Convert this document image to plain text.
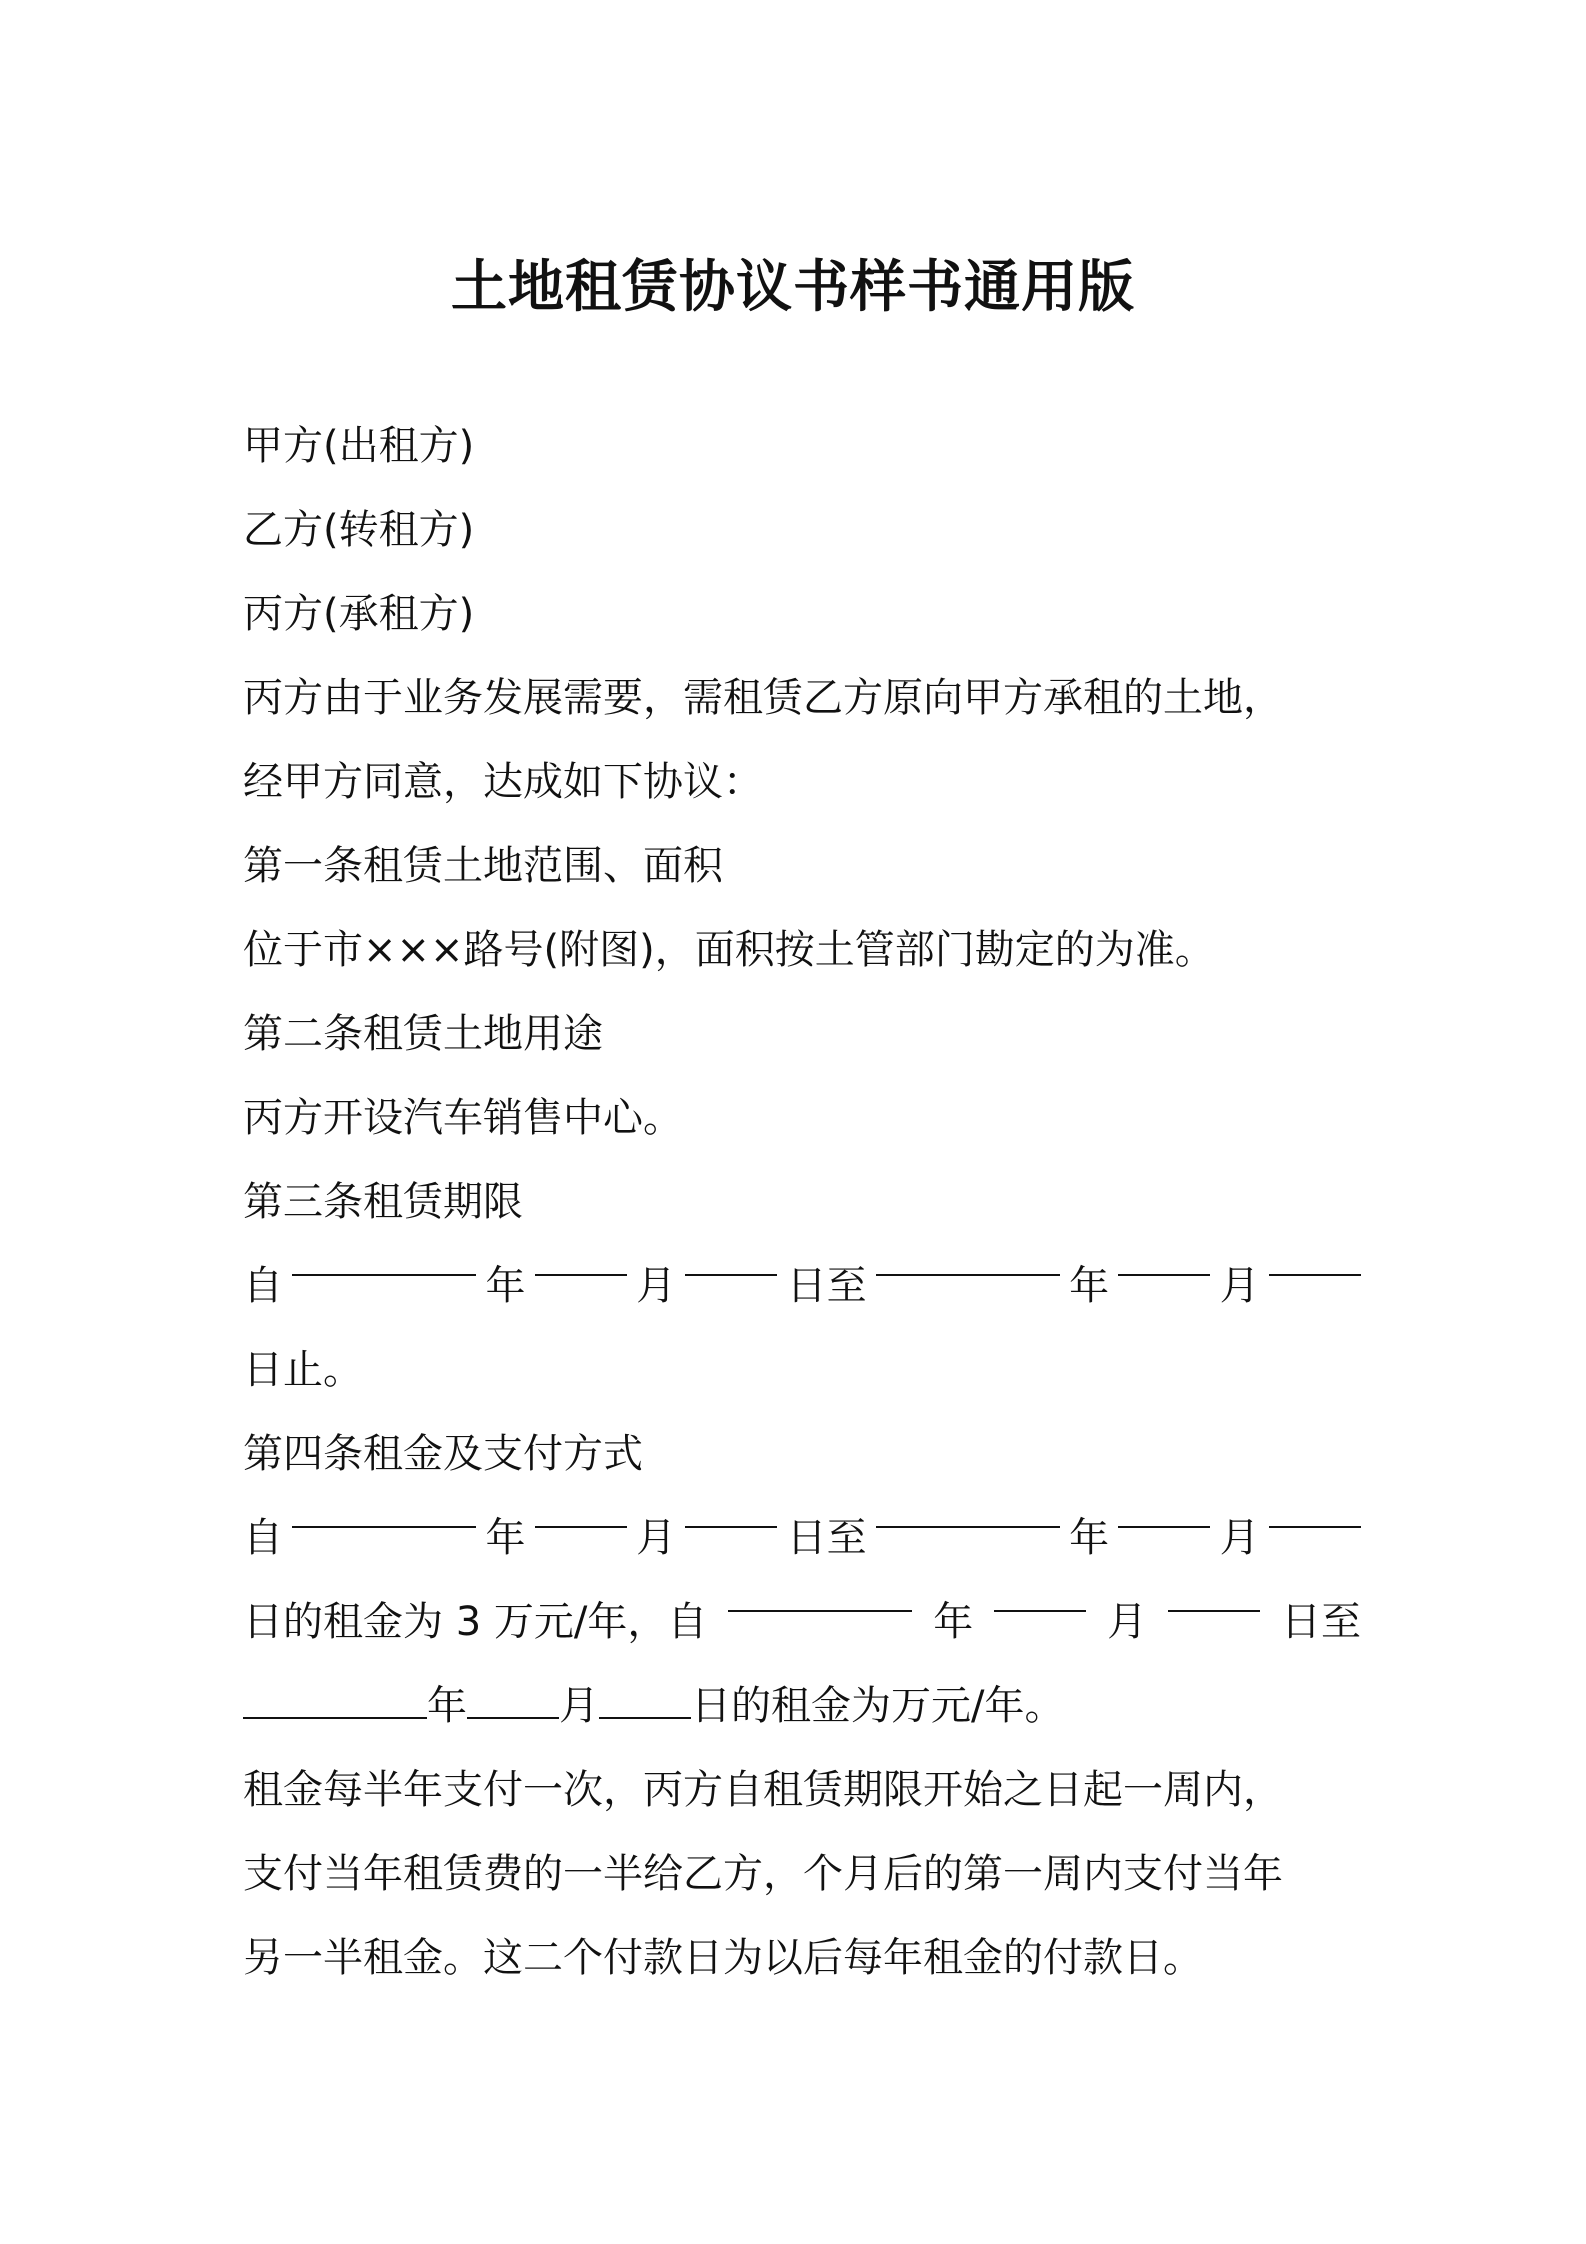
土地租赁协议书样书通用版
甲方(出租方)
乙方(转租方)
丙方(承租方)
丙方由于业务发展需要，需租赁乙方原向甲方承租的土地，
经甲方同意，达成如下协议：
第一条租赁土地范围、面积
位于市×××路号(附图)，面积按土管部门勘定的为准。
第二条租赁土地用途
丙方开设汽车销售中心。
第三条租赁期限
自	年	月	日至	年	月
日止。
第四条租金及支付方式
自	年	月	日至	年	月
日的租金为 3 万元/年，自	年	月	日至
年 月 日的租金为万元/年。
租金每半年支付一次，丙方自租赁期限开始之日起一周内，
支付当年租赁费的一半给乙方，个月后的第一周内支付当年
另一半租金。这二个付款日为以后每年租金的付款日。
